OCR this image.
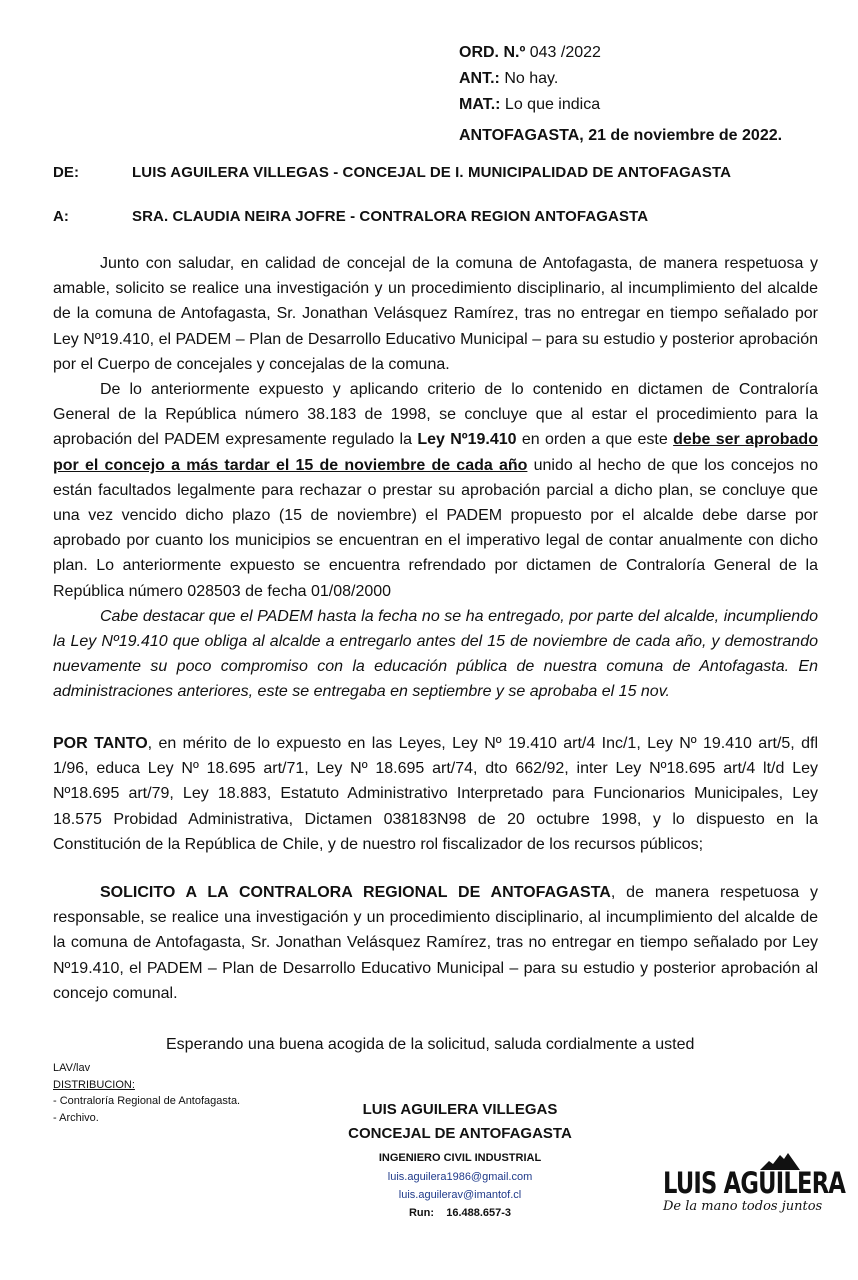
ORD. N.º 043 /2022
ANT.: No hay.
MAT.: Lo que indica
ANTOFAGASTA, 21 de noviembre de 2022.
DE:	LUIS AGUILERA VILLEGAS - CONCEJAL DE I. MUNICIPALIDAD DE ANTOFAGASTA
A:	SRA. CLAUDIA NEIRA JOFRE - CONTRALORA REGION ANTOFAGASTA

Junto con saludar, en calidad de concejal de la comuna de Antofagasta, de manera respetuosa y amable, solicito se realice una investigación y un procedimiento disciplinario, al incumplimiento del alcalde de la comuna de Antofagasta, Sr. Jonathan Velásquez Ramírez, tras no entregar en tiempo señalado por Ley Nº19.410, el PADEM – Plan de Desarrollo Educativo Municipal – para su estudio y posterior aprobación por el Cuerpo de concejales y concejalas de la comuna.

De lo anteriormente expuesto y aplicando criterio de lo contenido en dictamen de Contraloría General de la República número 38.183 de 1998, se concluye que al estar el procedimiento para la aprobación del PADEM expresamente regulado la Ley Nº19.410 en orden a que este debe ser aprobado por el concejo a más tardar el 15 de noviembre de cada año unido al hecho de que los concejos no están facultados legalmente para rechazar o prestar su aprobación parcial a dicho plan, se concluye que una vez vencido dicho plazo (15 de noviembre) el PADEM propuesto por el alcalde debe darse por aprobado por cuanto los municipios se encuentran en el imperativo legal de contar anualmente con dicho plan. Lo anteriormente expuesto se encuentra refrendado por dictamen de Contraloría General de la República número 028503 de fecha 01/08/2000

Cabe destacar que el PADEM hasta la fecha no se ha entregado, por parte del alcalde, incumpliendo la Ley Nº19.410 que obliga al alcalde a entregarlo antes del 15 de noviembre de cada año, y demostrando nuevamente su poco compromiso con la educación pública de nuestra comuna de Antofagasta. En administraciones anteriores, este se entregaba en septiembre y se aprobaba el 15 nov.

POR TANTO, en mérito de lo expuesto en las Leyes, Ley Nº 19.410 art/4 Inc/1, Ley Nº 19.410 art/5, dfl 1/96, educa Ley Nº 18.695 art/71, Ley Nº 18.695 art/74, dto 662/92, inter Ley Nº18.695 art/4 lt/d Ley Nº18.695 art/79, Ley 18.883, Estatuto Administrativo Interpretado para Funcionarios Municipales, Ley 18.575 Probidad Administrativa, Dictamen 038183N98 de 20 octubre 1998, y lo dispuesto en la Constitución de la República de Chile, y de nuestro rol fiscalizador de los recursos públicos;

SOLICITO A LA CONTRALORA REGIONAL DE ANTOFAGASTA, de manera respetuosa y responsable, se realice una investigación y un procedimiento disciplinario, al incumplimiento del alcalde de la comuna de Antofagasta, Sr. Jonathan Velásquez Ramírez, tras no entregar en tiempo señalado por Ley Nº19.410, el PADEM – Plan de Desarrollo Educativo Municipal – para su estudio y posterior aprobación al concejo comunal.

Esperando una buena acogida de la solicitud, saluda cordialmente a usted
LAV/lav
DISTRIBUCION:
- Contraloría Regional de Antofagasta.
- Archivo.	LUIS AGUILERA VILLEGAS
CONCEJAL DE ANTOFAGASTA
INGENIERO CIVIL INDUSTRIAL
luis.aguilera1986@gmail.com
luis.aguilerav@imantof.cl
Run: 16.488.657-3
LUIS AGUILERA
De la mano todos juntos
